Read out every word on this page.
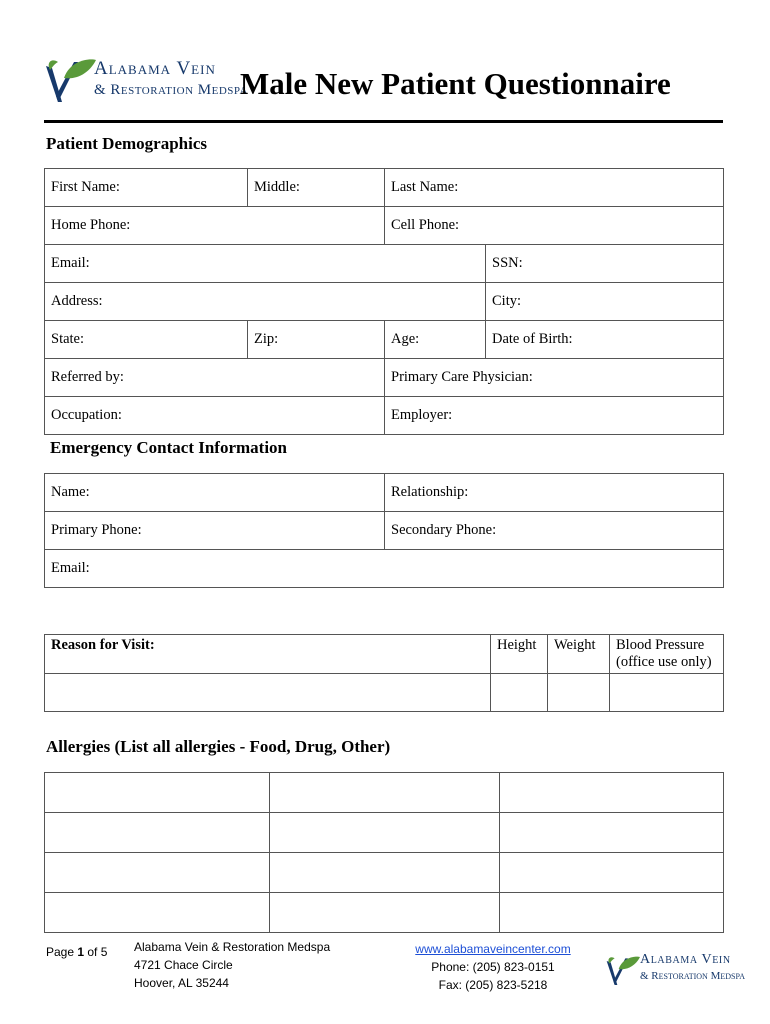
Alabama Vein
& Restoration Medspa
Male New Patient Questionnaire
Patient Demographics
First Name:	Middle:	Last Name:	
Home Phone:		Cell Phone:	
Email:			SSN:
Address:			City:
State:	Zip:	Age:	Date of Birth:
Referred by:		Primary Care Physician:	
Occupation:		Employer:	
Emergency Contact Information
Name:	Relationship:
Primary Phone:	Secondary Phone:
Email:	
Reason for Visit:	Height	Weight	Blood Pressure
(office use only)

Allergies (List all allergies - Food, Drug, Other)

Page 1 of 5 Alabama Vein & Restoration Medspa
4721 Chace Circle
Hoover, AL 35244
www.alabamaveincenter.com
Phone: (205) 823-0151
Fax: (205) 823-5218
Alabama Vein
& Restoration Medspa
